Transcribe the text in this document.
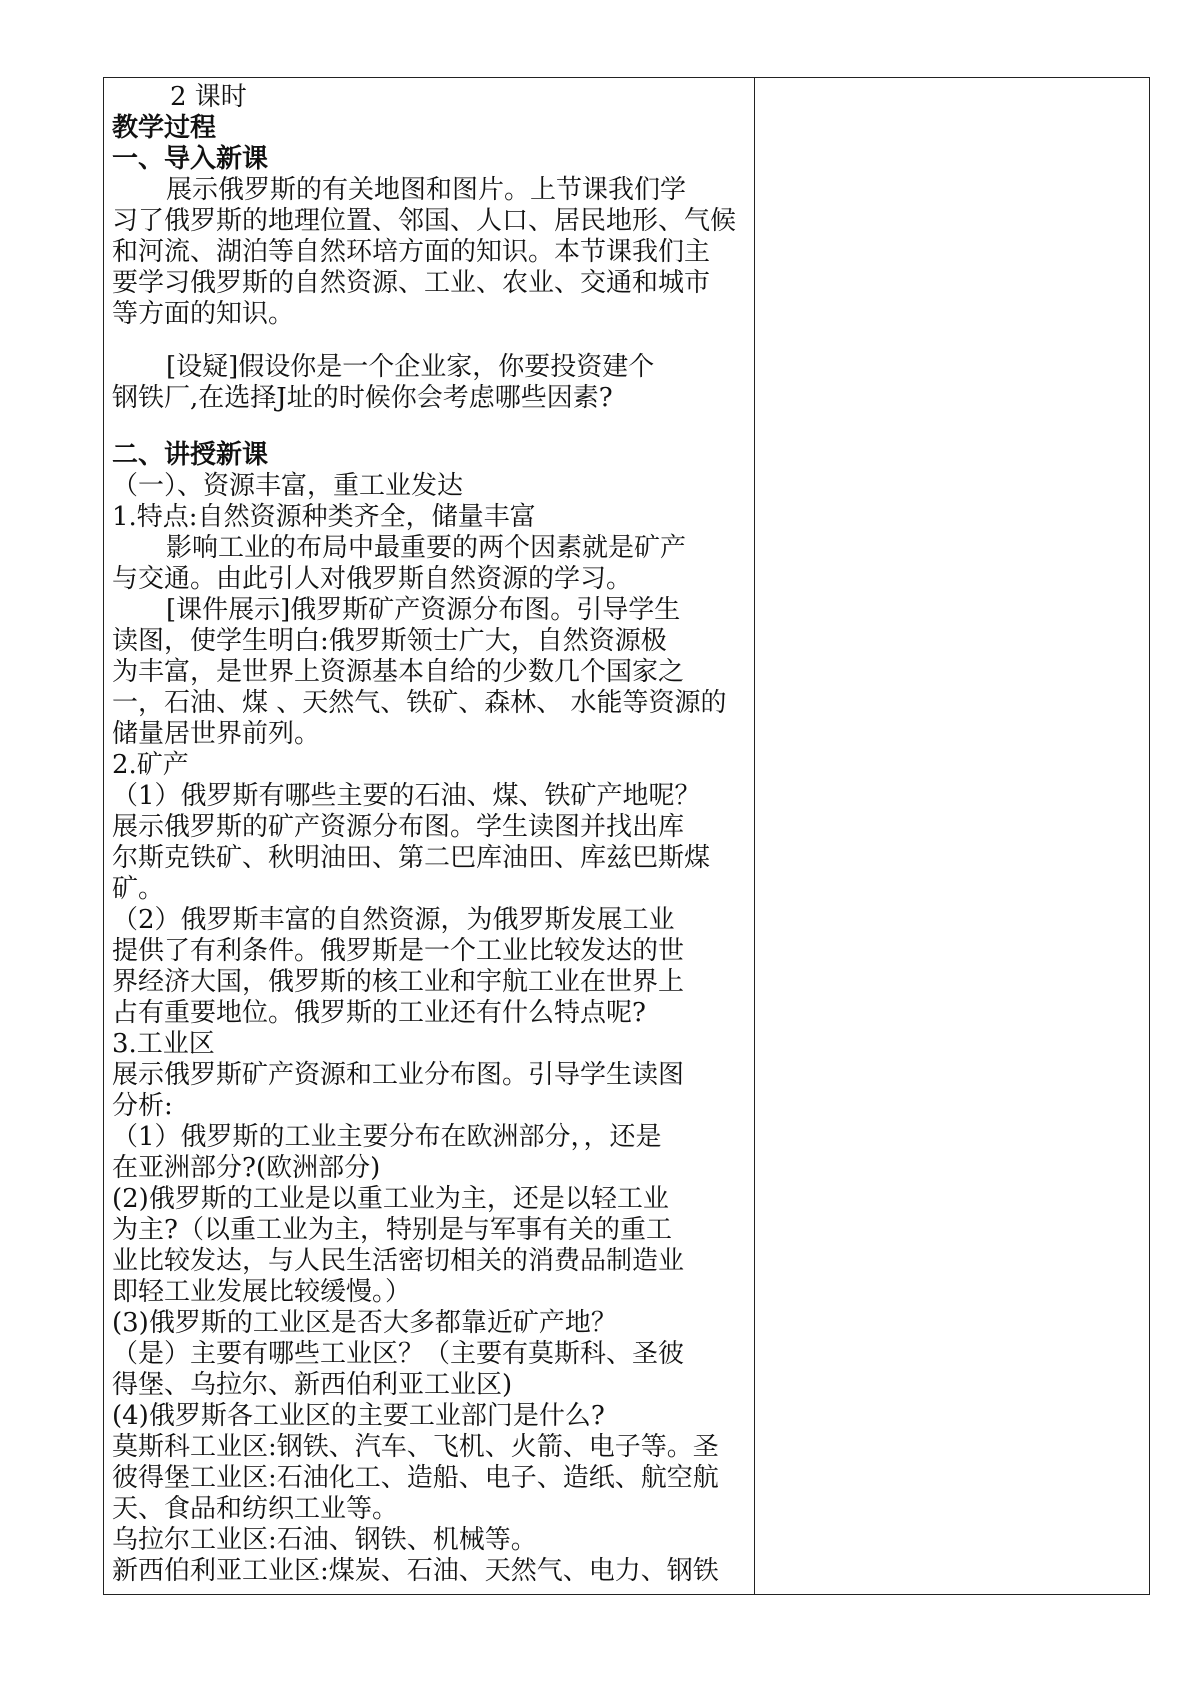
2 课时

教学过程

一、导入新课

展示俄罗斯的有关地图和图片。上节课我们学

习了俄罗斯的地理位置、邻国、人口、居民地形、气候

和河流、湖泊等自然环培方面的知识。本节课我们主

要学习俄罗斯的自然资源、工业、农业、交通和城市

等方面的知识。

[设疑]假设你是一个企业家，你要投资建个

钢铁厂,在选择J址的时候你会考虑哪些因素?

二、讲授新课

（一）、资源丰富，重工业发达

1.特点:自然资源种类齐全，储量丰富

影响工业的布局中最重要的两个因素就是矿产

与交通。由此引人对俄罗斯自然资源的学习。

[课件展示]俄罗斯矿产资源分布图。引导学生

读图，使学生明白:俄罗斯领士广大，自然资源极

为丰富，是世界上资源基本自给的少数几个国家之

一，石油、煤 、天然气、铁矿、森林、 水能等资源的

储量居世界前列。

2.矿产

（1）俄罗斯有哪些主要的石油、煤、铁矿产地呢？

展示俄罗斯的矿产资源分布图。学生读图并找出库

尔斯克铁矿、秋明油田、第二巴库油田、库兹巴斯煤

矿。

（2）俄罗斯丰富的自然资源，为俄罗斯发展工业

提供了有利条件。俄罗斯是一个工业比较发达的世

界经济大国，俄罗斯的核工业和宇航工业在世界上

占有重要地位。俄罗斯的工业还有什么特点呢?

3.工业区

展示俄罗斯矿产资源和工业分布图。引导学生读图

分析:

（1）俄罗斯的工业主要分布在欧洲部分，，还是

在亚洲部分?(欧洲部分)

(2)俄罗斯的工业是以重工业为主，还是以轻工业

为主?（以重工业为主，特别是与军事有关的重工

业比较发达，与人民生活密切相关的消费品制造业

即轻工业发展比较缓慢。）

(3)俄罗斯的工业区是否大多都靠近矿产地？

（是）主要有哪些工业区？（主要有莫斯科、圣彼

得堡、乌拉尔、新西伯利亚工业区)

(4)俄罗斯各工业区的主要工业部门是什么?

莫斯科工业区:钢铁、汽车、飞机、火箭、电子等。圣

彼得堡工业区:石油化工、造船、电子、造纸、航空航

天、食品和纺织工业等。

乌拉尔工业区:石油、钢铁、机械等。

新西伯利亚工业区:煤炭、石油、天然气、电力、钢铁
